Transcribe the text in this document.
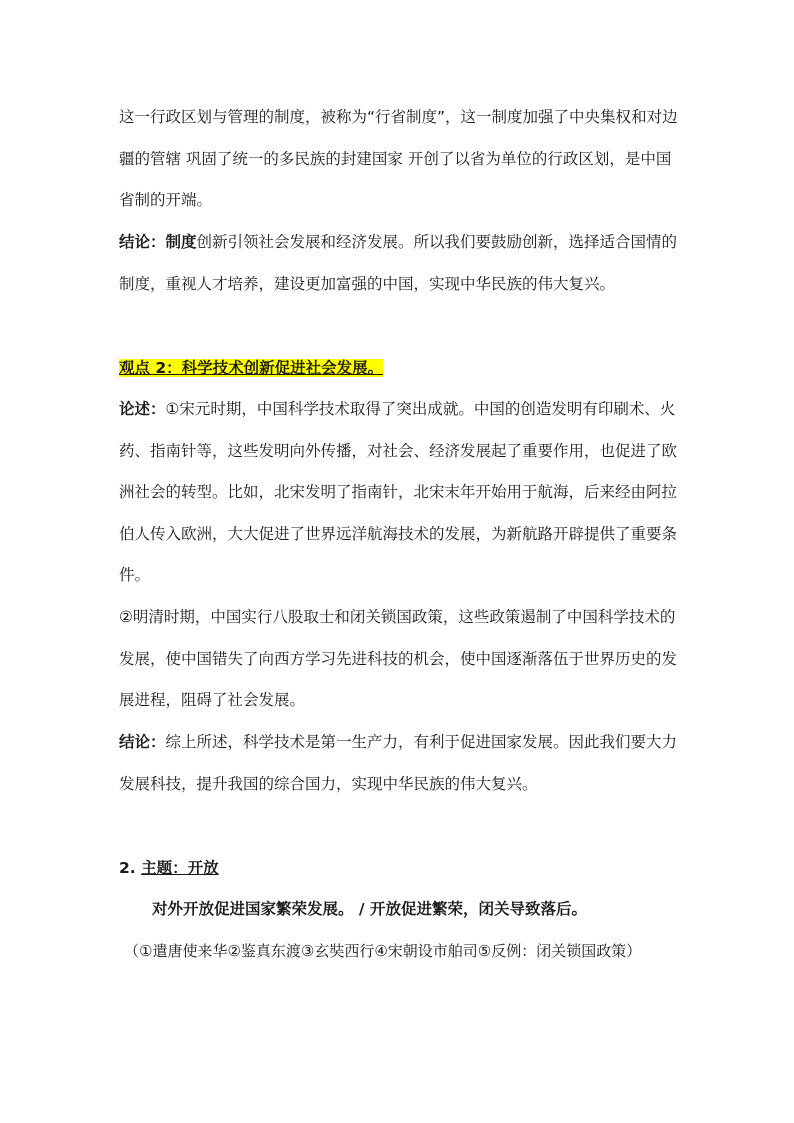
这一行政区划与管理的制度，被称为“行省制度”，这一制度加强了中央集权和对边疆的管辖 巩固了统一的多民族的封建国家 开创了以省为单位的行政区划，是中国省制的开端。

结论：制度创新引领社会发展和经济发展。所以我们要鼓励创新，选择适合国情的制度，重视人才培养，建设更加富强的中国，实现中华民族的伟大复兴。

观点 2：科学技术创新促进社会发展。

论述：①宋元时期，中国科学技术取得了突出成就。中国的创造发明有印刷术、火药、指南针等，这些发明向外传播，对社会、经济发展起了重要作用，也促进了欧洲社会的转型。比如，北宋发明了指南针，北宋末年开始用于航海，后来经由阿拉伯人传入欧洲，大大促进了世界远洋航海技术的发展，为新航路开辟提供了重要条件。

②明清时期，中国实行八股取士和闭关锁国政策，这些政策遏制了中国科学技术的发展，使中国错失了向西方学习先进科技的机会，使中国逐渐落伍于世界历史的发展进程，阻碍了社会发展。

结论：综上所述，科学技术是第一生产力，有利于促进国家发展。因此我们要大力发展科技，提升我国的综合国力，实现中华民族的伟大复兴。

2. 主题：开放

对外开放促进国家繁荣发展。 / 开放促进繁荣，闭关导致落后。

（①遣唐使来华②鉴真东渡③玄奘西行④宋朝设市舶司⑤反例：闭关锁国政策）
